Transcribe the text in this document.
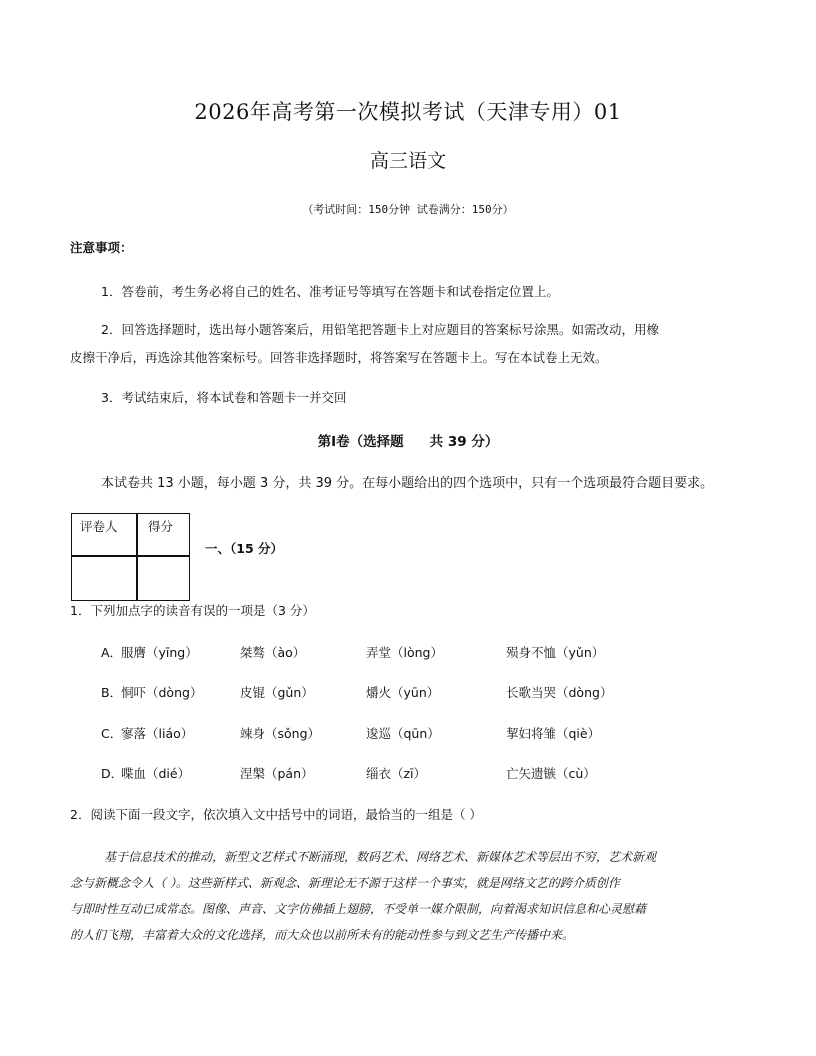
2026年高考第一次模拟考试（天津专用）01
高三语文
（考试时间：150分钟 试卷满分：150分）
注意事项：
1．答卷前，考生务必将自己的姓名、准考证号等填写在答题卡和试卷指定位置上。
2．回答选择题时，选出每小题答案后，用铅笔把答题卡上对应题目的答案标号涂黑。如需改动，用橡
皮擦干净后，再选涂其他答案标号。回答非选择题时，将答案写在答题卡上。写在本试卷上无效。
3．考试结束后，将本试卷和答题卡一并交回
第Ⅰ卷（选择题 共 39 分）
本试卷共 13 小题，每小题 3 分，共 39 分。在每小题给出的四个选项中，只有一个选项最符合题目要求。
评卷人 得分
一、（15 分）
1．下列加点字的读音有误的一项是（3 分）
A．
服膺（yīng）	桀骜（ào）	弄堂（lòng）	殒身不恤（yǔn）
B．
恫吓（dòng）	皮锟（gǔn）	爝火（yūn）	长歌当哭（dòng）
C．
寥落（liáo）	竦身（sǒng）	逡巡（qūn）	挈妇将雏（qiè）
D．
喋血（dié）	涅槃（pán）	缁衣（zī）	亡矢遗镞（cù）
2．阅读下面一段文字，依次填入文中括号中的词语，最恰当的一组是（ ）
基于信息技术的推动，新型文艺样式不断涌现，数码艺术、网络艺术、新媒体艺术等层出不穷，艺术新观
念与新概念令人（ ）。这些新样式、新观念、新理论无不源于这样一个事实，就是网络文艺的跨介质创作
与即时性互动已成常态。图像、声音、文字仿佛插上翅膀，不受单一媒介限制，向着渴求知识信息和心灵慰藉
的人们飞翔，丰富着大众的文化选择，而大众也以前所未有的能动性参与到文艺生产传播中来。
